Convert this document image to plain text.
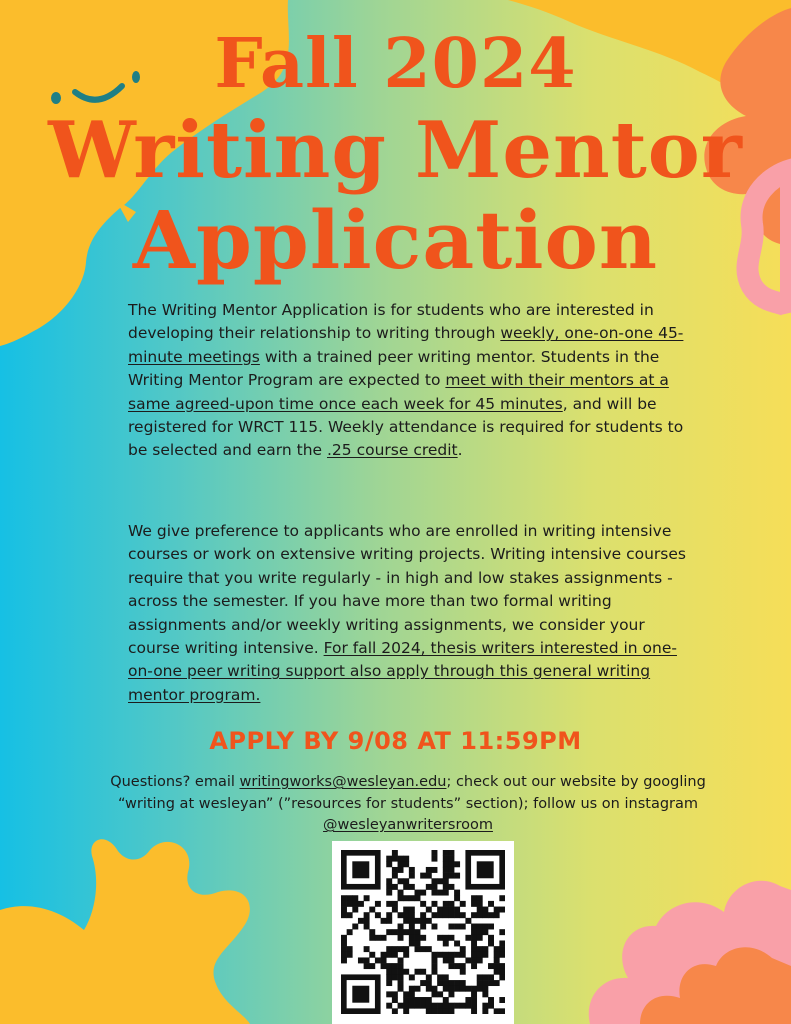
Fall 2024
Writing Mentor
Application

The Writing Mentor Application is for students who are interested in developing their relationship to writing through weekly, one-on-one 45-minute meetings with a trained peer writing mentor. Students in the Writing Mentor Program are expected to meet with their mentors at a same agreed-upon time once each week for 45 minutes, and will be registered for WRCT 115. Weekly attendance is required for students to be selected and earn the .25 course credit.

We give preference to applicants who are enrolled in writing intensive courses or work on extensive writing projects. Writing intensive courses require that you write regularly - in high and low stakes assignments - across the semester. If you have more than two formal writing assignments and/or weekly writing assignments, we consider your course writing intensive. For fall 2024, thesis writers interested in one-on-one peer writing support also apply through this general writing mentor program.

APPLY BY 9/08 AT 11:59PM

Questions? email writingworks@wesleyan.edu; check out our website by googling “writing at wesleyan” (”resources for students” section); follow us on instagram @wesleyanwritersroom
